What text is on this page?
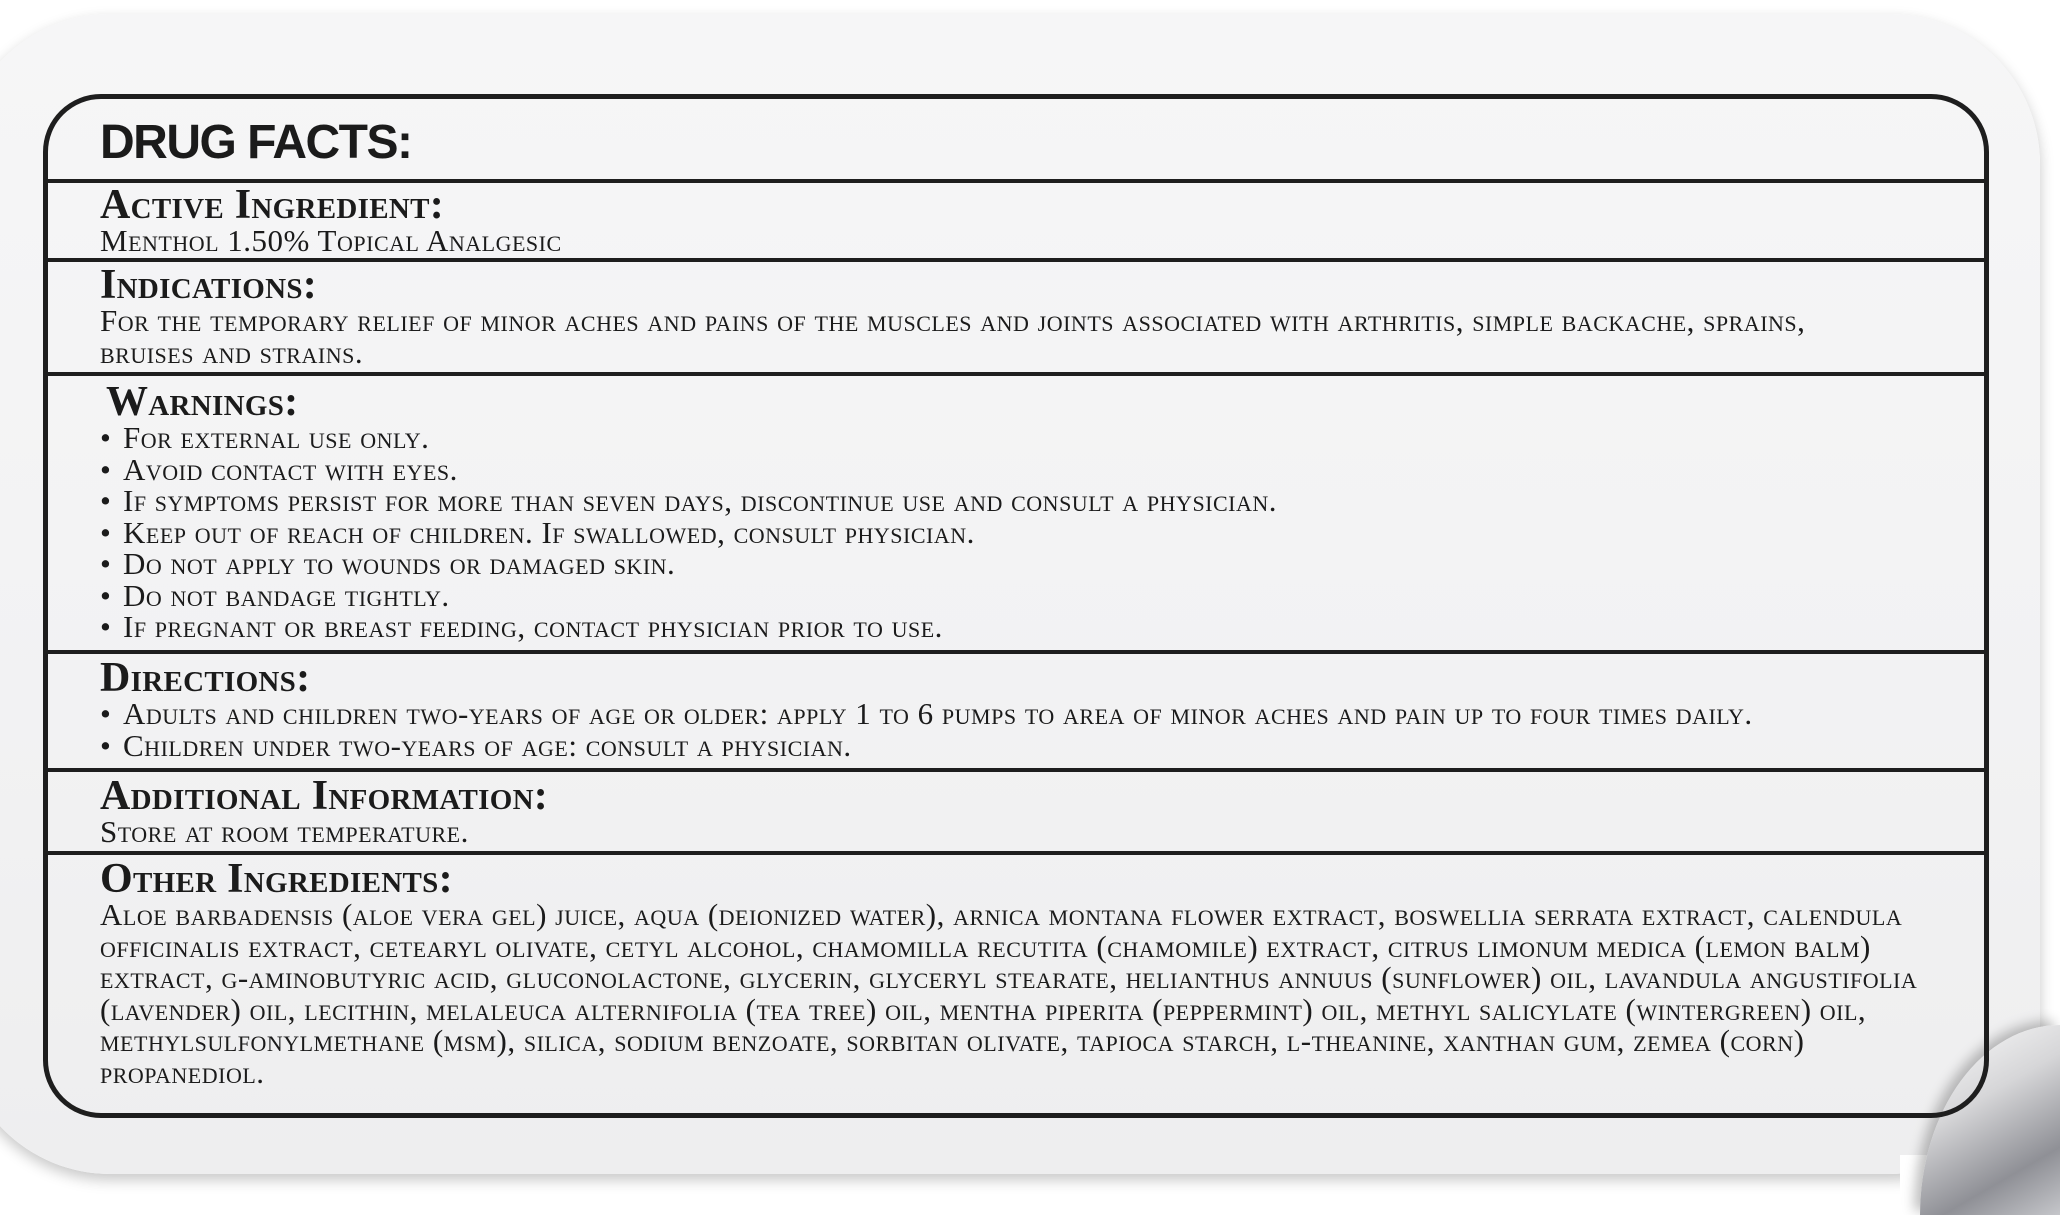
DRUG FACTS:
Active Ingredient:
Menthol 1.50% Topical Analgesic
Indications:
For the temporary relief of minor aches and pains of the muscles and joints associated with arthritis, simple backache, sprains, bruises and strains.
Warnings:
• For external use only.
• Avoid contact with eyes.
• If symptoms persist for more than seven days, discontinue use and consult a physician.
• Keep out of reach of children. If swallowed, consult physician.
• Do not apply to wounds or damaged skin.
• Do not bandage tightly.
• If pregnant or breast feeding, contact physician prior to use.
Directions:
• Adults and children two-years of age or older: apply 1 to 6 pumps to area of minor aches and pain up to four times daily.
• Children under two-years of age: consult a physician.
Additional Information:
Store at room temperature.
Other Ingredients:
Aloe barbadensis (aloe vera gel) juice, aqua (deionized water), arnica montana flower extract, boswellia serrata extract, calendula officinalis extract, cetearyl olivate, cetyl alcohol, chamomilla recutita (chamomile) extract, citrus limonum medica (lemon balm) extract, g-aminobutyric acid, gluconolactone, glycerin, glyceryl stearate, helianthus annuus (sunflower) oil, lavandula angustifolia (lavender) oil, lecithin, melaleuca alternifolia (tea tree) oil, mentha piperita (peppermint) oil, methyl salicylate (wintergreen) oil, methylsulfonylmethane (msm), silica, sodium benzoate, sorbitan olivate, tapioca starch, l-theanine, xanthan gum, zemea (corn) propanediol.
